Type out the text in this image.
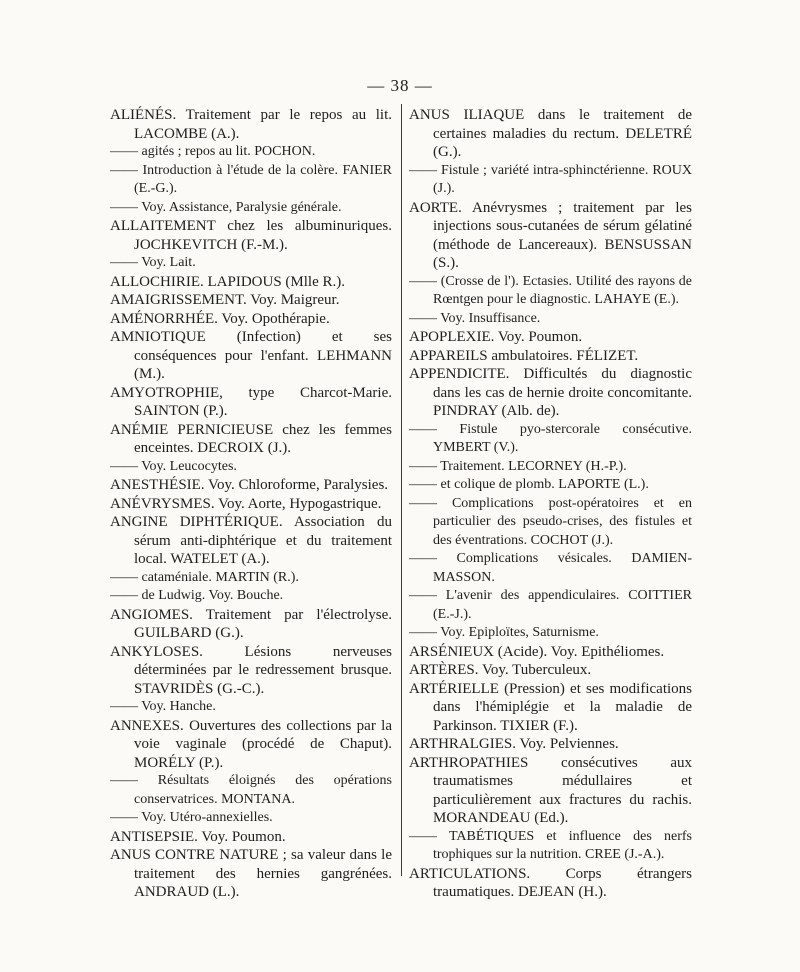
— 38 —
ALIÉNÉS. Traitement par le repos au lit. LACOMBE (A.).
—— agités ; repos au lit. POCHON.
—— Introduction à l'étude de la colère. FANIER (E.-G.).
—— Voy. Assistance, Paralysie générale.
ALLAITEMENT chez les albuminuriques. JOCHKEVITCH (F.-M.).
—— Voy. Lait.
ALLOCHIRIE. LAPIDOUS (Mlle R.).
AMAIGRISSEMENT. Voy. Maigreur.
AMÉNORRHÉE. Voy. Opothérapie.
AMNIOTIQUE (Infection) et ses conséquences pour l'enfant. LEHMANN (M.).
AMYOTROPHIE, type Charcot-Marie. SAINTON (P.).
ANÉMIE PERNICIEUSE chez les femmes enceintes. DECROIX (J.).
—— Voy. Leucocytes.
ANESTHÉSIE. Voy. Chloroforme, Paralysies.
ANÉVRYSMES. Voy. Aorte, Hypogastrique.
ANGINE DIPHTÉRIQUE. Association du sérum anti-diphtérique et du traitement local. WATELET (A.).
—— cataméniale. MARTIN (R.).
—— de Ludwig. Voy. Bouche.
ANGIOMES. Traitement par l'électrolyse. GUILBARD (G.).
ANKYLOSES. Lésions nerveuses déterminées par le redressement brusque. STAVRIDÈS (G.-C.).
—— Voy. Hanche.
ANNEXES. Ouvertures des collections par la voie vaginale (procédé de Chaput). MORÉLY (P.).
—— Résultats éloignés des opérations conservatrices. MONTANA.
—— Voy. Utéro-annexielles.
ANTISEPSIE. Voy. Poumon.
ANUS CONTRE NATURE ; sa valeur dans le traitement des hernies gangrénées. ANDRAUD (L.).
ANUS ILIAQUE dans le traitement de certaines maladies du rectum. DELETRÉ (G.).
—— Fistule ; variété intra-sphinctérienne. ROUX (J.).
AORTE. Anévrysmes ; traitement par les injections sous-cutanées de sérum gélatiné (méthode de Lancereaux). BENSUSSAN (S.).
—— (Crosse de l'). Ectasies. Utilité des rayons de Rœntgen pour le diagnostic. LAHAYE (E.).
—— Voy. Insuffisance.
APOPLEXIE. Voy. Poumon.
APPAREILS ambulatoires. FÉLIZET.
APPENDICITE. Difficultés du diagnostic dans les cas de hernie droite concomitante. PINDRAY (Alb. de).
—— Fistule pyo-stercorale consécutive. YMBERT (V.).
—— Traitement. LECORNEY (H.-P.).
—— et colique de plomb. LAPORTE (L.).
—— Complications post-opératoires et en particulier des pseudo-crises, des fistules et des éventrations. COCHOT (J.).
—— Complications vésicales. DAMIEN-MASSON.
—— L'avenir des appendiculaires. COITTIER (E.-J.).
—— Voy. Epiploïtes, Saturnisme.
ARSÉNIEUX (Acide). Voy. Epithéliomes.
ARTÈRES. Voy. Tuberculeux.
ARTÉRIELLE (Pression) et ses modifications dans l'hémiplégie et la maladie de Parkinson. TIXIER (F.).
ARTHRALGIES. Voy. Pelviennes.
ARTHROPATHIES consécutives aux traumatismes médullaires et particulièrement aux fractures du rachis. MORANDEAU (Ed.).
—— TABÉTIQUES et influence des nerfs trophiques sur la nutrition. CREE (J.-A.).
ARTICULATIONS. Corps étrangers traumatiques. DEJEAN (H.).
